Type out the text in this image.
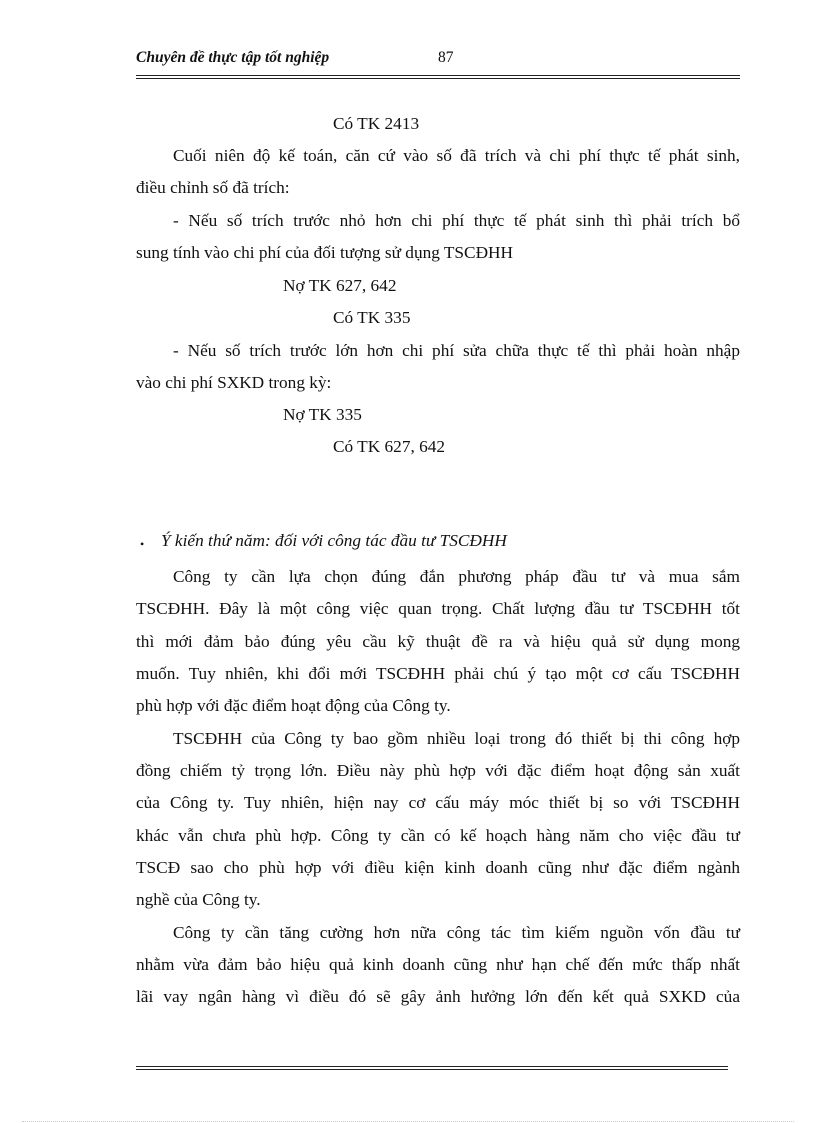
Chuyên đề thực tập tốt nghiệp	87
Có TK 2413
Cuối niên độ kế toán, căn cứ vào số đã trích và chi phí thực tế phát sinh,
điều chỉnh số đã trích:
- Nếu số trích trước nhỏ hơn chi phí thực tế phát sinh thì phải trích bổ
sung tính vào chi phí của đối tượng sử dụng TSCĐHH
Nợ TK 627, 642
Có TK 335
- Nếu số trích trước lớn hơn chi phí sửa chữa thực tế thì phải hoàn nhập
vào chi phí SXKD trong kỳ:
Nợ TK 335
Có TK 627, 642
• Ý kiến thứ năm: đối với công tác đầu tư TSCĐHH
Công ty cần lựa chọn đúng đắn phương pháp đầu tư và mua sắm
TSCĐHH. Đây là một công việc quan trọng. Chất lượng đầu tư TSCĐHH tốt
thì mới đảm bảo đúng yêu cầu kỹ thuật đề ra và hiệu quả sử dụng mong
muốn. Tuy nhiên, khi đổi mới TSCĐHH phải chú ý tạo một cơ cấu TSCĐHH
phù hợp với đặc điểm hoạt động của Công ty.
TSCĐHH của Công ty bao gồm nhiều loại trong đó thiết bị thi công hợp
đồng chiếm tỷ trọng lớn. Điều này phù hợp với đặc điểm hoạt động sản xuất
của Công ty. Tuy nhiên, hiện nay cơ cấu máy móc thiết bị so với TSCĐHH
khác vẫn chưa phù hợp. Công ty cần có kế hoạch hàng năm cho việc đầu tư
TSCĐ sao cho phù hợp với điều kiện kinh doanh cũng như đặc điểm ngành
nghề của Công ty.
Công ty cần tăng cường hơn nữa công tác tìm kiếm nguồn vốn đầu tư
nhằm vừa đảm bảo hiệu quả kinh doanh cũng như hạn chế đến mức thấp nhất
lãi vay ngân hàng vì điều đó sẽ gây ảnh hưởng lớn đến kết quả SXKD của
